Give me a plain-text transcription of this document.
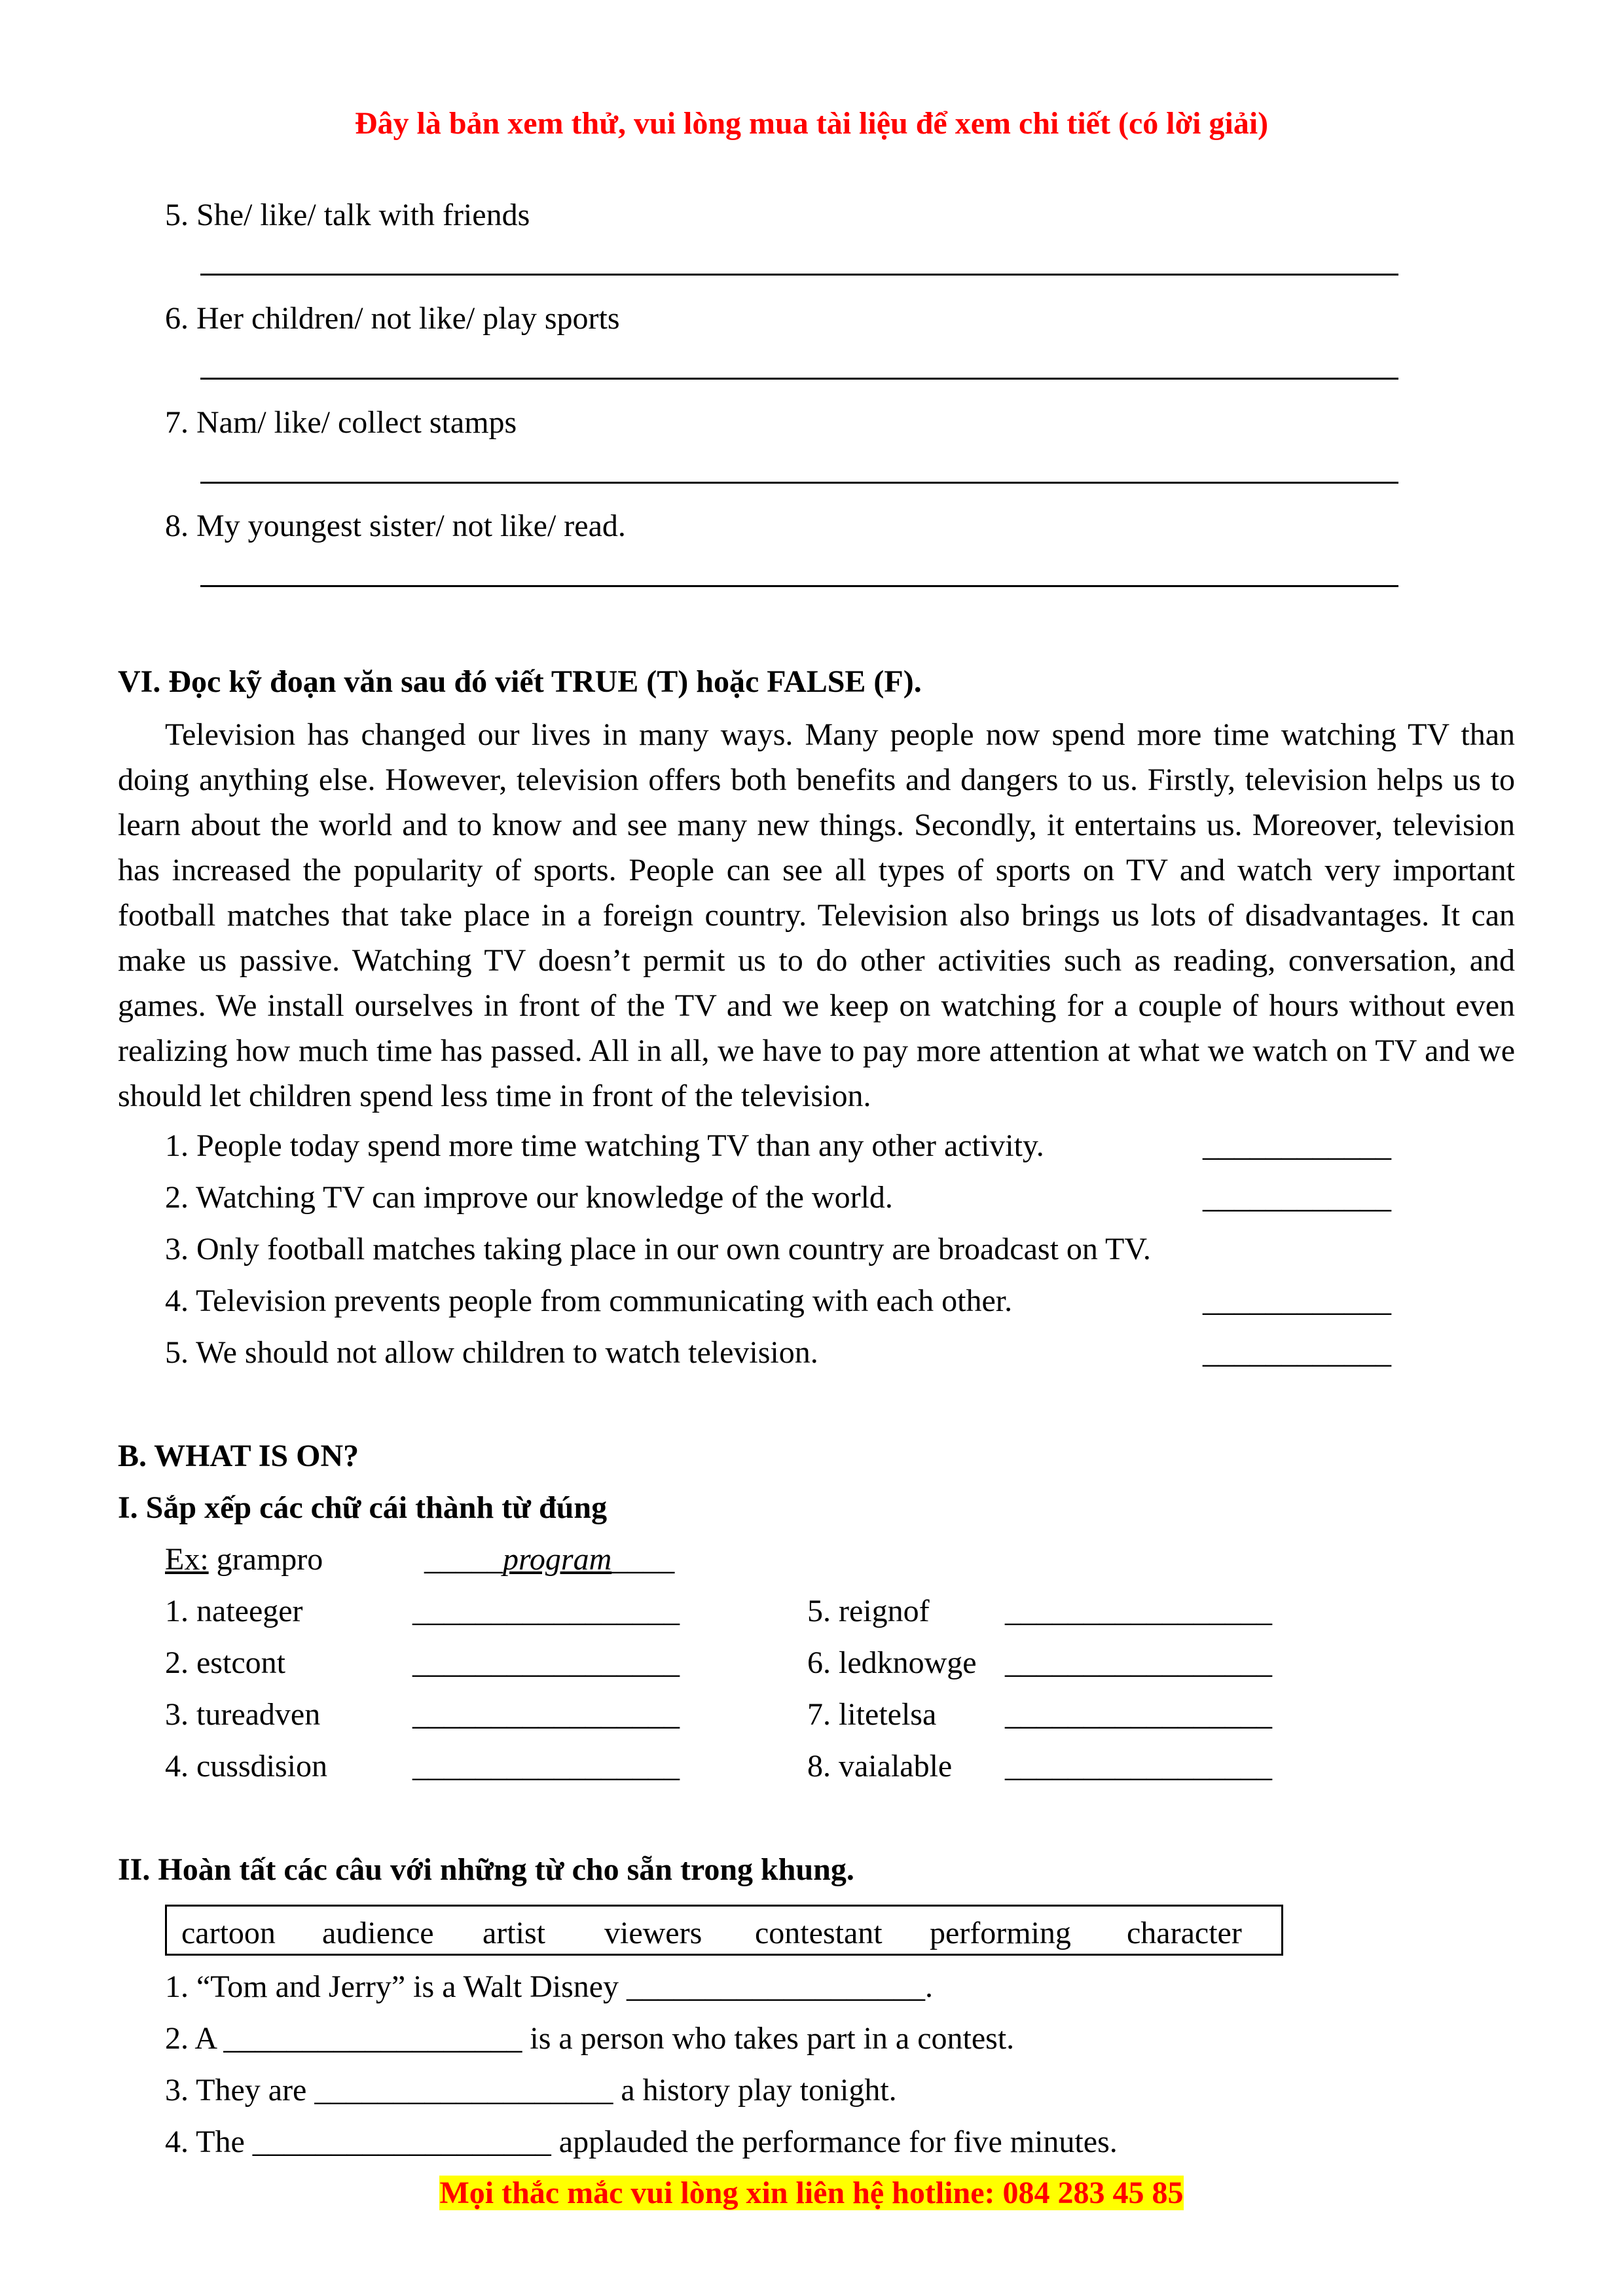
Đây là bản xem thử, vui lòng mua tài liệu để xem chi tiết (có lời giải)
5. She/ like/ talk with friends
6. Her children/ not like/ play sports
7. Nam/ like/ collect stamps
8. My youngest sister/ not like/ read.
VI. Đọc kỹ đoạn văn sau đó viết TRUE (T) hoặc FALSE (F).
Television has changed our lives in many ways. Many people now spend more time watching TV than doing anything else. However, television offers both benefits and dangers to us. Firstly, television helps us to learn about the world and to know and see many new things. Secondly, it entertains us. Moreover, television has increased the popularity of sports. People can see all types of sports on TV and watch very important football matches that take place in a foreign country. Television also brings us lots of disadvantages. It can make us passive. Watching TV doesn’t permit us to do other activities such as reading, conversation, and games. We install ourselves in front of the TV and we keep on watching for a couple of hours without even realizing how much time has passed. All in all, we have to pay more attention at what we watch on TV and we should let children spend less time in front of the television.
1. People today spend more time watching TV than any other activity.	____________
2. Watching TV can improve our knowledge of the world.	____________
3. Only football matches taking place in our own country are broadcast on TV.
4. Television prevents people from communicating with each other.	____________
5. We should not allow children to watch television.	____________
B. WHAT IS ON?
I. Sắp xếp các chữ cái thành từ đúng
Ex: grampro	_____program____
1. nateeger	_________________
2. estcont	_________________
3. tureadven	_________________
4. cussdision	_________________
5. reignof _________________
6. ledknowge _________________
7. litetelsa _________________
8. vaialable _________________
II. Hoàn tất các câu với những từ cho sẵn trong khung.
cartoon audience artist viewers contestant performing character
1. “Tom and Jerry” is a Walt Disney ___________________.
2. A ___________________ is a person who takes part in a contest.
3. They are ___________________ a history play tonight.
4. The ___________________ applauded the performance for five minutes.
Mọi thắc mắc vui lòng xin liên hệ hotline: 084 283 45 85
